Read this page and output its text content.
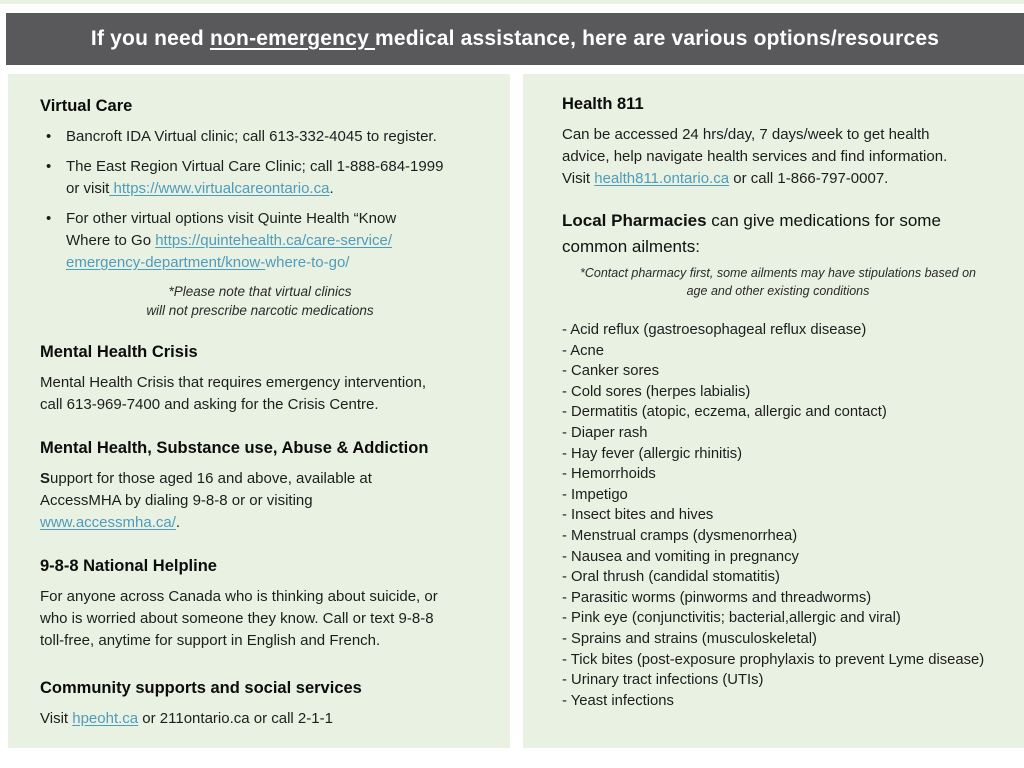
If you need non-emergency medical assistance, here are various options/resources
Virtual Care
• Bancroft IDA Virtual clinic; call 613-332-4045 to register.
• The East Region Virtual Care Clinic; call 1-888-684-1999
or visit https://www.virtualcareontario.ca.
• For other virtual options visit Quinte Health “Know
Where to Go https://quintehealth.ca/care-service/
emergency-department/know-where-to-go/
*Please note that virtual clinics
will not prescribe narcotic medications
Mental Health Crisis
Mental Health Crisis that requires emergency intervention,
call 613-969-7400 and asking for the Crisis Centre.
Mental Health, Substance use, Abuse & Addiction
Support for those aged 16 and above, available at
AccessMHA by dialing 9-8-8 or or visiting
www.accessmha.ca/.
9-8-8 National Helpline
For anyone across Canada who is thinking about suicide, or
who is worried about someone they know. Call or text 9-8-8
toll-free, anytime for support in English and French.
Community supports and social services
Visit hpeoht.ca or 211ontario.ca or call 2-1-1
Health 811
Can be accessed 24 hrs/day, 7 days/week to get health
advice, help navigate health services and find information.
Visit health811.ontario.ca or call 1-866-797-0007.
Local Pharmacies can give medications for some
common ailments:
*Contact pharmacy first, some ailments may have stipulations based on
age and other existing conditions
- Acid reflux (gastroesophageal reflux disease)
- Acne
- Canker sores
- Cold sores (herpes labialis)
- Dermatitis (atopic, eczema, allergic and contact)
- Diaper rash
- Hay fever (allergic rhinitis)
- Hemorrhoids
- Impetigo
- Insect bites and hives
- Menstrual cramps (dysmenorrhea)
- Nausea and vomiting in pregnancy
- Oral thrush (candidal stomatitis)
- Parasitic worms (pinworms and threadworms)
- Pink eye (conjunctivitis; bacterial,allergic and viral)
- Sprains and strains (musculoskeletal)
- Tick bites (post-exposure prophylaxis to prevent Lyme disease)
- Urinary tract infections (UTIs)
- Yeast infections
